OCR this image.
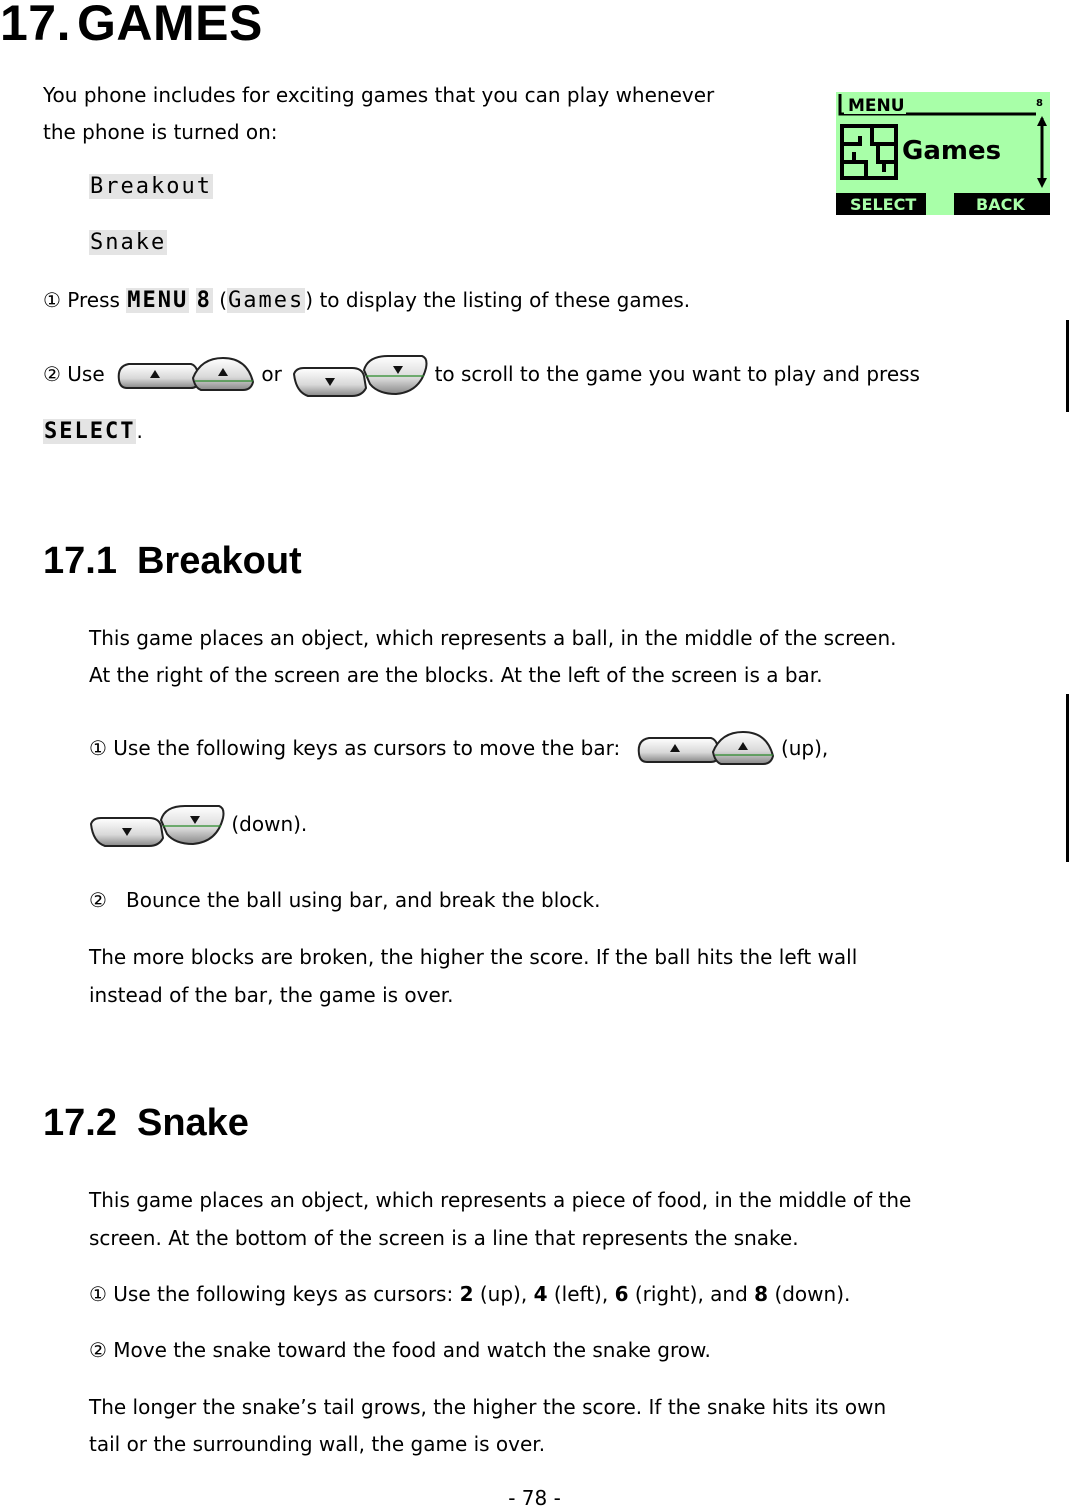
17. GAMES

You phone includes for exciting games that you can play whenever

the phone is turned on:

Breakout
Snake
MENU	8
Games
SELECT	BACK
① Press MENU 8 (Games) to display the listing of these games.
② Use	or	to scroll to the game you want to play and press
SELECT.
17.1 Breakout

This game places an object, which represents a ball, in the middle of the screen.

At the right of the screen are the blocks. At the left of the screen is a bar.

① Use the following keys as cursors to move the bar:	(up),
(down).
② Bounce the ball using bar, and break the block.

The more blocks are broken, the higher the score. If the ball hits the left wall

instead of the bar, the game is over.

17.2 Snake

This game places an object, which represents a piece of food, in the middle of the

screen. At the bottom of the screen is a line that represents the snake.

① Use the following keys as cursors: 2 (up), 4 (left), 6 (right), and 8 (down).
② Move the snake toward the food and watch the snake grow.

The longer the snake’s tail grows, the higher the score. If the snake hits its own

tail or the surrounding wall, the game is over.

- 78 -
